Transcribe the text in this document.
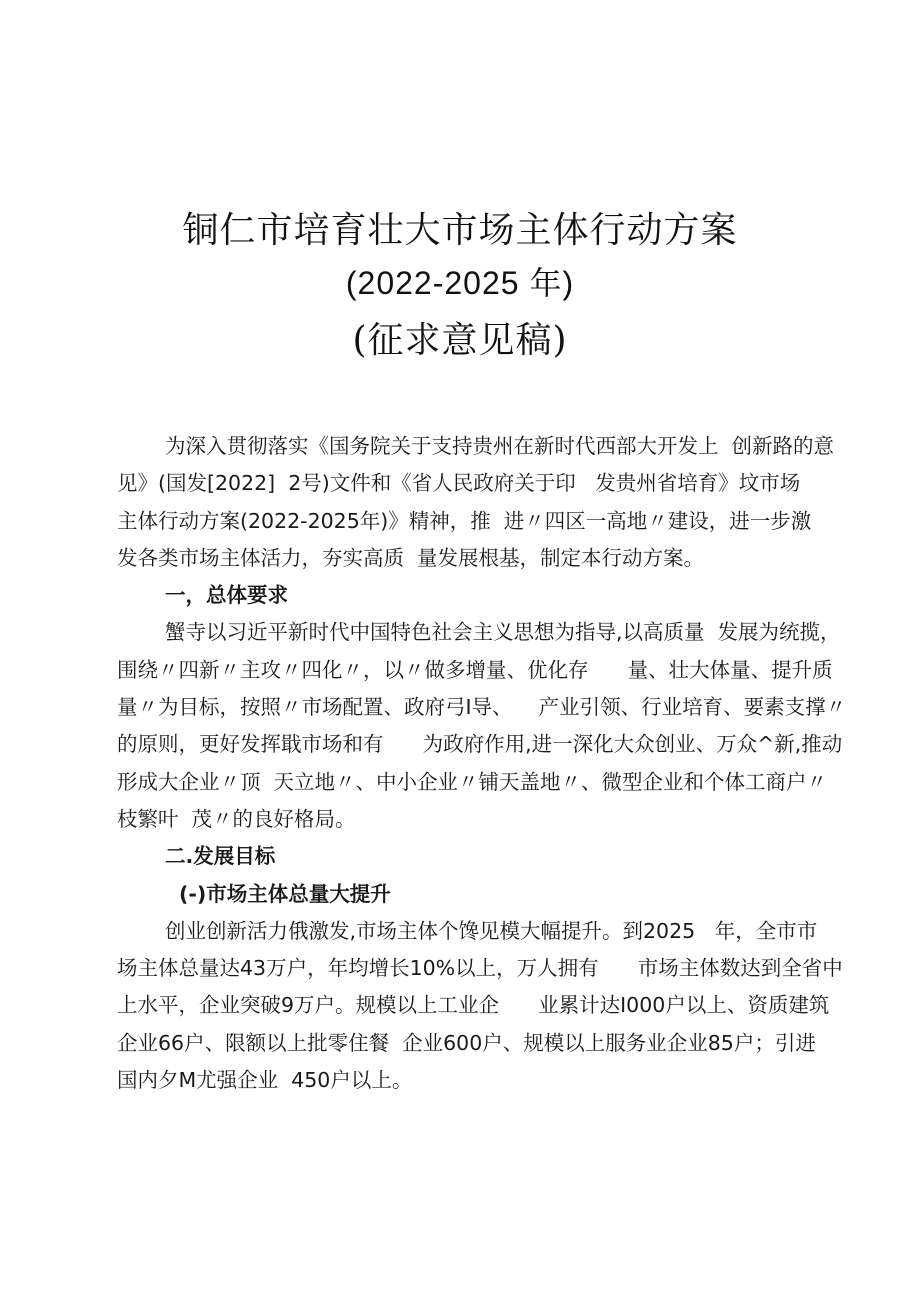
铜仁市培育壮大市场主体行动方案
(2022-2025 年)
(征求意见稿)
为深入贯彻落实《国务院关于支持贵州在新时代西部大开发上  创新路的意
见》(国发[2022]  2号)文件和《省人民政府关于印   发贵州省培育》坟市场
主体行动方案(2022-2025年)》精神，推  进〃四区一高地〃建设，进一步激
发各类市场主体活力，夯实高质  量发展根基，制定本行动方案。
一，总体要求
蟹寺以习近平新时代中国特色社会主义思想为指导,以高质量  发展为统揽，
围绕〃四新〃主攻〃四化〃，以〃做多增量、优化存      量、壮大体量、提升质
量〃为目标，按照〃市场配置、政府弓I导、    产业引领、行业培育、要素支撑〃
的原则，更好发挥戢市场和有      为政府作用,进一深化大众创业、万众^新,推动
形成大企业〃顶  天立地〃、中小企业〃铺天盖地〃、微型企业和个体工商户〃
枝繁叶  茂〃的良好格局。
二.发展目标
(-)市场主体总量大提升
创业创新活力俄激发,市场主体个馋见模大幅提升。到2025   年，全市市
场主体总量达43万户，年均增长10%以上，万人拥有      市场主体数达到全省中
上水平，企业突破9万户。规模以上工业企      业累计达I000户以上、资质建筑
企业66户、限额以上批零住餐  企业600户、规模以上服务业企业85户；引进
国内夕M尤强企业  450户以上。
